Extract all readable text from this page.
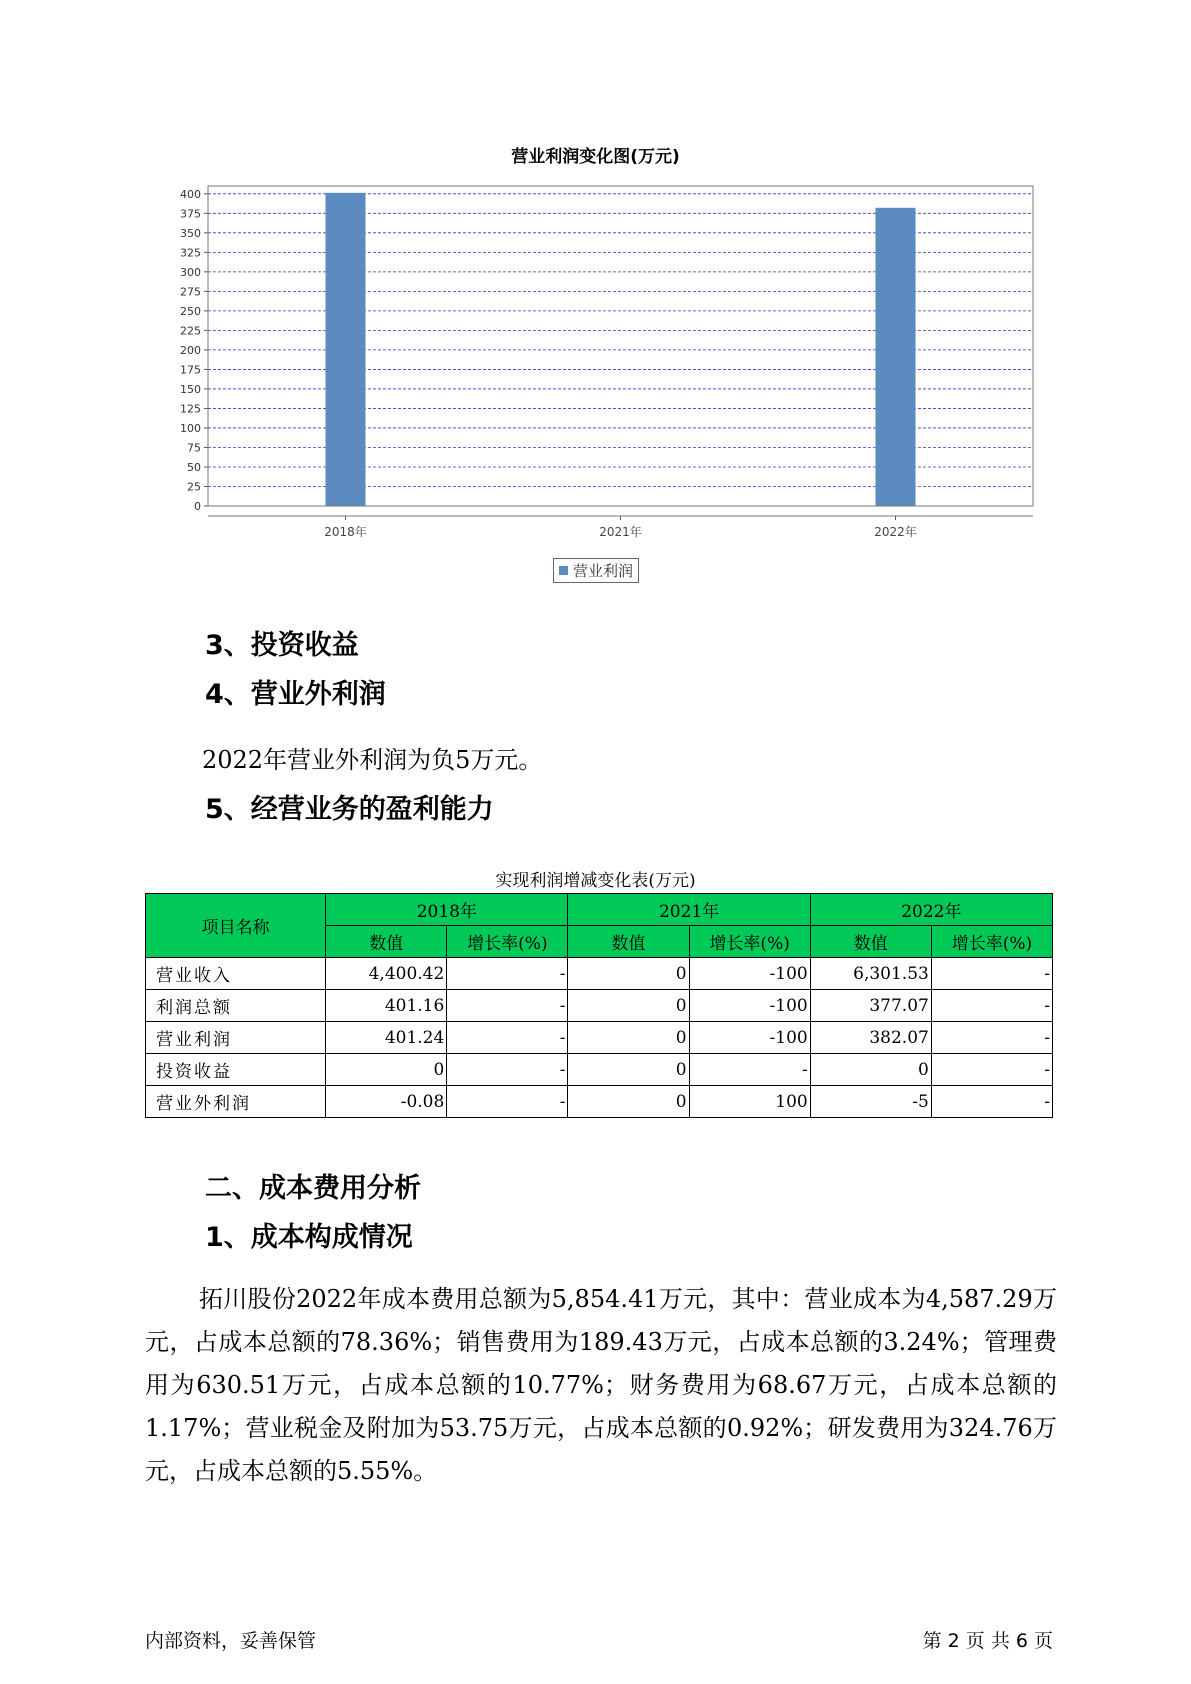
营业利润变化图(万元)
0
25
50
75
100
125
150
175
200
225
250
275
300
325
350
375
400
2018年	2021年	2022年
营业利润
3、投资收益
4、营业外利润
2022年营业外利润为负5万元。
5、经营业务的盈利能力
实现利润增减变化表(万元)
项目名称	2018年		2021年		2022年	
	数值	增长率(%)	数值	增长率(%)	数值	增长率(%)
营业收入	4,400.42	-	0	-100	6,301.53	-
利润总额	401.16	-	0	-100	377.07	-
营业利润	401.24	-	0	-100	382.07	-
投资收益	0	-	0	-	0	-
营业外利润	-0.08	-	0	100	-5	-
二、成本费用分析
1、成本构成情况
拓川股份2022年成本费用总额为5,854.41万元，其中：营业成本为4,587.29万元，占成本总额的78.36%；销售费用为189.43万元，占成本总额的3.24%；管理费用为630.51万元，占成本总额的10.77%；财务费用为68.67万元，占成本总额的1.17%；营业税金及附加为53.75万元，占成本总额的0.92%；研发费用为324.76万元，占成本总额的5.55%。
内部资料，妥善保管	第 2 页 共 6 页
